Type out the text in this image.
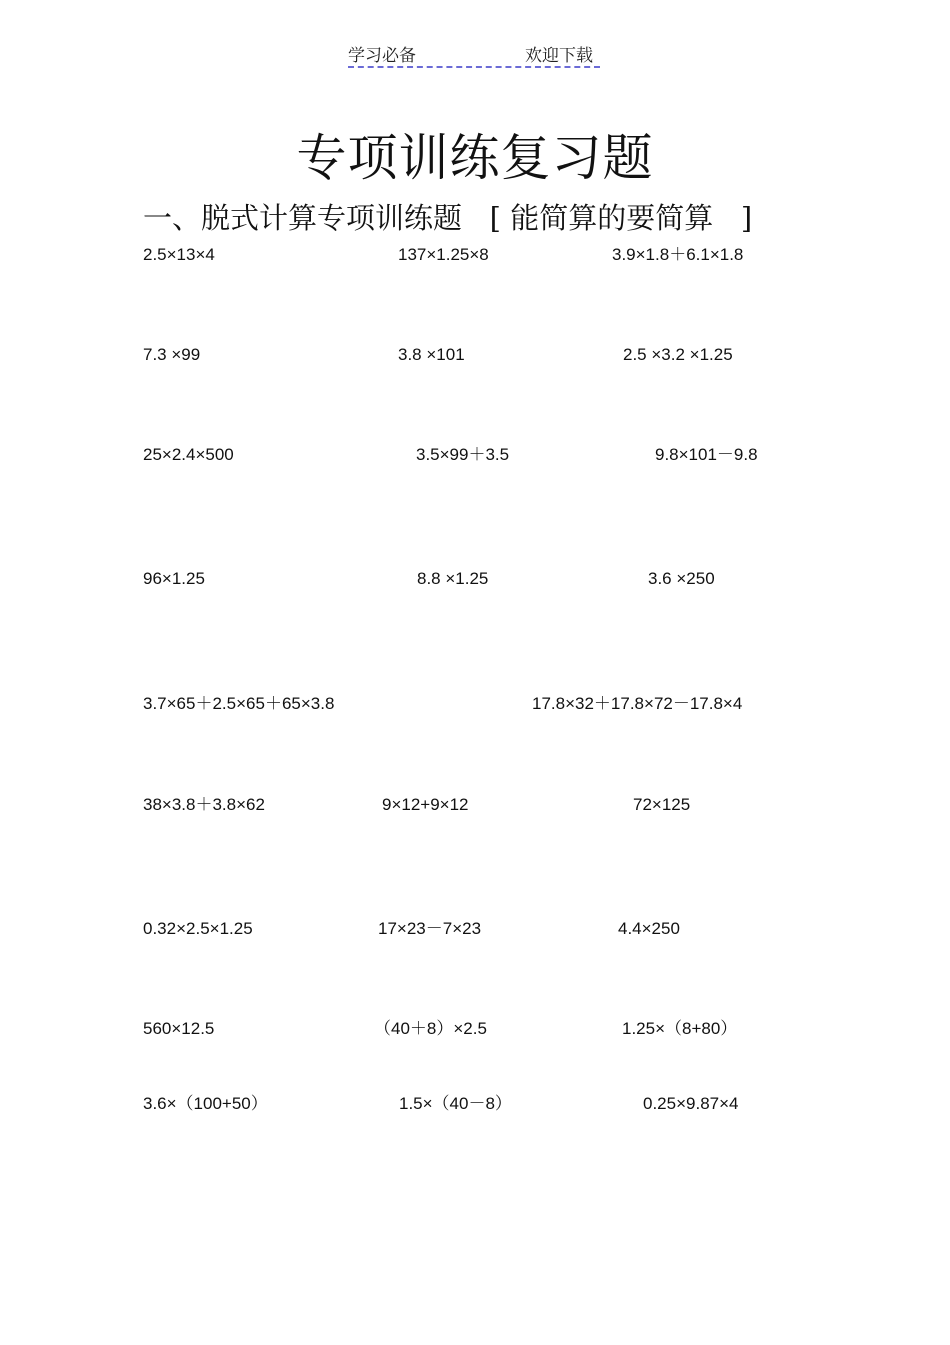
学习必备	欢迎下载
专项训练复习题
一、脱式计算专项训练题   [ 能简算的要简算   ]
2.5×13×4	137×1.25×8	3.9×1.8＋6.1×1.8
7.3 ×99	3.8 ×101	2.5 ×3.2 ×1.25
25×2.4×500	3.5×99＋3.5	9.8×101－9.8
96×1.25	8.8 ×1.25	3.6 ×250
3.7×65＋2.5×65＋65×3.8	17.8×32＋17.8×72－17.8×4
38×3.8＋3.8×62	9×12+9×12	72×125
0.32×2.5×1.25	17×23－7×23	4.4×250
560×12.5	（40＋8）×2.5	1.25×（8+80）
3.6×（100+50）	1.5×（40－8）	0.25×9.87×4
